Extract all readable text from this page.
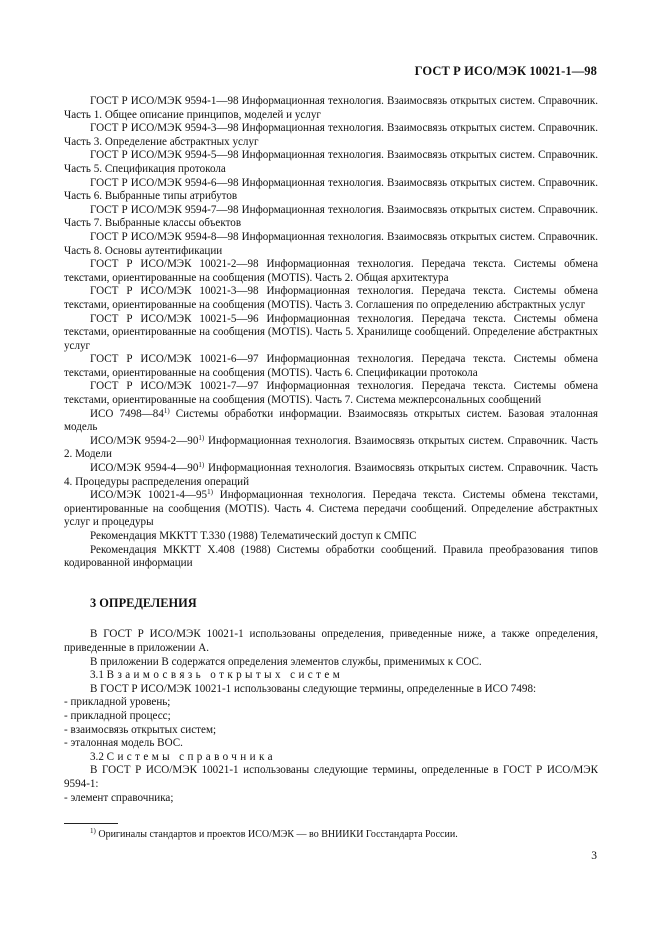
ГОСТ Р ИСО/МЭК 10021-1—98

ГОСТ Р ИСО/МЭК 9594-1—98 Информационная технология. Взаимосвязь открытых систем. Справочник. Часть 1. Общее описание принципов, моделей и услуг

ГОСТ Р ИСО/МЭК 9594-3—98 Информационная технология. Взаимосвязь открытых систем. Справочник. Часть 3. Определение абстрактных услуг

ГОСТ Р ИСО/МЭК 9594-5—98 Информационная технология. Взаимосвязь открытых систем. Справочник. Часть 5. Спецификация протокола

ГОСТ Р ИСО/МЭК 9594-6—98 Информационная технология. Взаимосвязь открытых систем. Справочник. Часть 6. Выбранные типы атрибутов

ГОСТ Р ИСО/МЭК 9594-7—98 Информационная технология. Взаимосвязь открытых систем. Справочник. Часть 7. Выбранные классы объектов

ГОСТ Р ИСО/МЭК 9594-8—98 Информационная технология. Взаимосвязь открытых систем. Справочник. Часть 8. Основы аутентификации

ГОСТ Р ИСО/МЭК 10021-2—98 Информационная технология. Передача текста. Системы обмена текстами, ориентированные на сообщения (MOTIS). Часть 2. Общая архитектура

ГОСТ Р ИСО/МЭК 10021-3—98 Информационная технология. Передача текста. Системы обмена текстами, ориентированные на сообщения (MOTIS). Часть 3. Соглашения по определению абстрактных услуг

ГОСТ Р ИСО/МЭК 10021-5—96 Информационная технология. Передача текста. Системы обмена текстами, ориентированные на сообщения (MOTIS). Часть 5. Хранилище сообщений. Определение абстрактных услуг

ГОСТ Р ИСО/МЭК 10021-6—97 Информационная технология. Передача текста. Системы обмена текстами, ориентированные на сообщения (MOTIS). Часть 6. Спецификации протокола

ГОСТ Р ИСО/МЭК 10021-7—97 Информационная технология. Передача текста. Системы обмена текстами, ориентированные на сообщения (MOTIS). Часть 7. Система межперсональных сообщений

ИСО 7498—84$^{1)}$ Системы обработки информации. Взаимосвязь открытых систем. Базовая эталонная модель

ИСО/МЭК 9594-2—90$^{1)}$ Информационная технология. Взаимосвязь открытых систем. Справочник. Часть 2. Модели

ИСО/МЭК 9594-4—90$^{1)}$ Информационная технология. Взаимосвязь открытых систем. Справочник. Часть 4. Процедуры распределения операций

ИСО/МЭК 10021-4—95$^{1)}$ Информационная технология. Передача текста. Системы обмена текстами, ориентированные на сообщения (MOTIS). Часть 4. Система передачи сообщений. Определение абстрактных услуг и процедуры

Рекомендация МККТТ Т.330 (1988) Телематический доступ к СМПС

Рекомендация МККТТ Х.408 (1988) Системы обработки сообщений. Правила преобразования типов кодированной информации

3 ОПРЕДЕЛЕНИЯ

В ГОСТ Р ИСО/МЭК 10021-1 использованы определения, приведенные ниже, а также определения, приведенные в приложении А.

В приложении В содержатся определения элементов службы, применимых к СОС.

3.1 Взаимосвязь открытых систем

В ГОСТ Р ИСО/МЭК 10021-1 использованы следующие термины, определенные в ИСО 7498:

- прикладной уровень;

- прикладной процесс;

- взаимосвязь открытых систем;

- эталонная модель ВОС.

3.2 Системы справочника

В ГОСТ Р ИСО/МЭК 10021-1 использованы следующие термины, определенные в ГОСТ Р ИСО/МЭК 9594-1:

- элемент справочника;

$^{1)}$ Оригиналы стандартов и проектов ИСО/МЭК — во ВНИИКИ Госстандарта России.
3
